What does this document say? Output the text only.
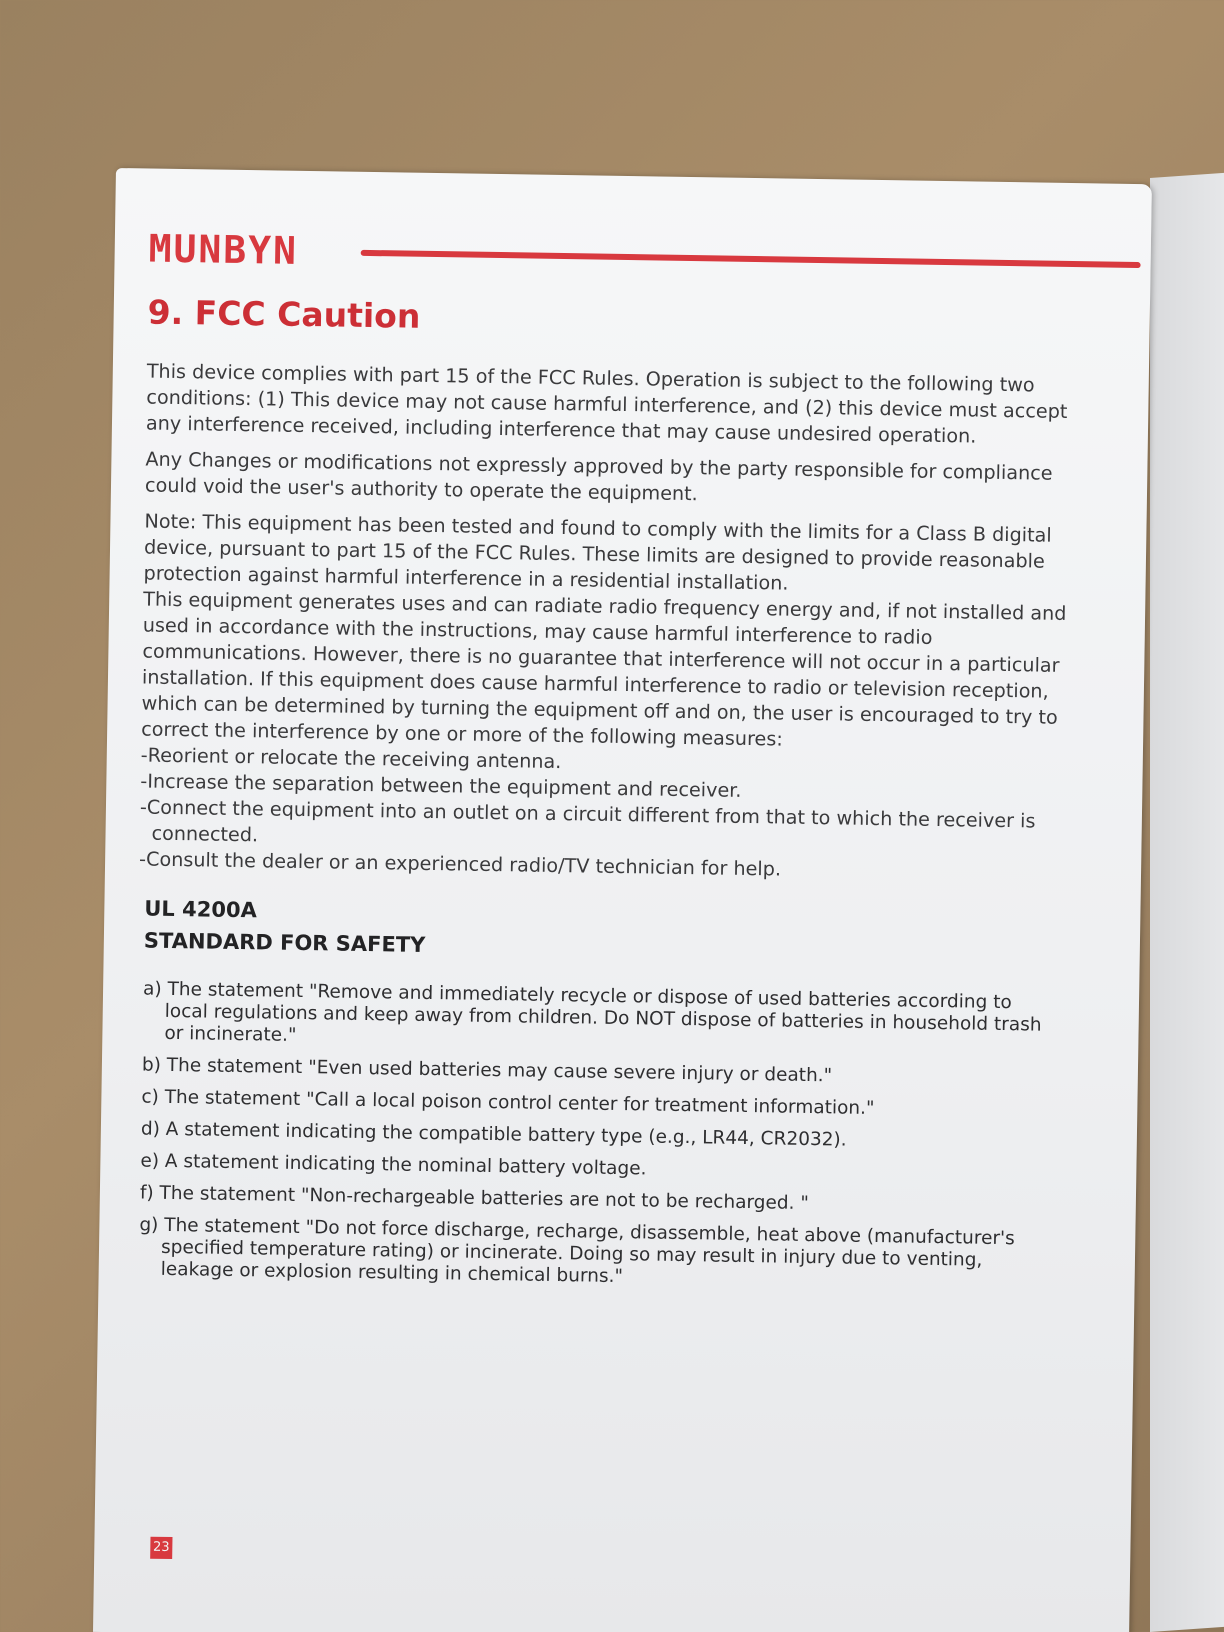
MUNBYN
9. FCC Caution

This device complies with part 15 of the FCC Rules. Operation is subject to the following two conditions: (1) This device may not cause harmful interference, and (2) this device must accept any interference received, including interference that may cause undesired operation.

Any Changes or modifications not expressly approved by the party responsible for compliance could void the user's authority to operate the equipment.

Note: This equipment has been tested and found to comply with the limits for a Class B digital device, pursuant to part 15 of the FCC Rules. These limits are designed to provide reasonable protection against harmful interference in a residential installation.

This equipment generates uses and can radiate radio frequency energy and, if not installed and used in accordance with the instructions, may cause harmful interference to radio communications. However, there is no guarantee that interference will not occur in a particular installation. If this equipment does cause harmful interference to radio or television reception, which can be determined by turning the equipment off and on, the user is encouraged to try to correct the interference by one or more of the following measures:

-Reorient or relocate the receiving antenna.
-Increase the separation between the equipment and receiver.
-Connect the equipment into an outlet on a circuit different from that to which the receiver is connected.
-Consult the dealer or an experienced radio/TV technician for help.
UL 4200A
STANDARD FOR SAFETY
a) The statement "Remove and immediately recycle or dispose of used batteries according to local regulations and keep away from children. Do NOT dispose of batteries in household trash or incinerate."
b) The statement "Even used batteries may cause severe injury or death."
c) The statement "Call a local poison control center for treatment information."
d) A statement indicating the compatible battery type (e.g., LR44, CR2032).
e) A statement indicating the nominal battery voltage.
f) The statement "Non-rechargeable batteries are not to be recharged. "
g) The statement "Do not force discharge, recharge, disassemble, heat above (manufacturer's specified temperature rating) or incinerate. Doing so may result in injury due to venting, leakage or explosion resulting in chemical burns."
23
